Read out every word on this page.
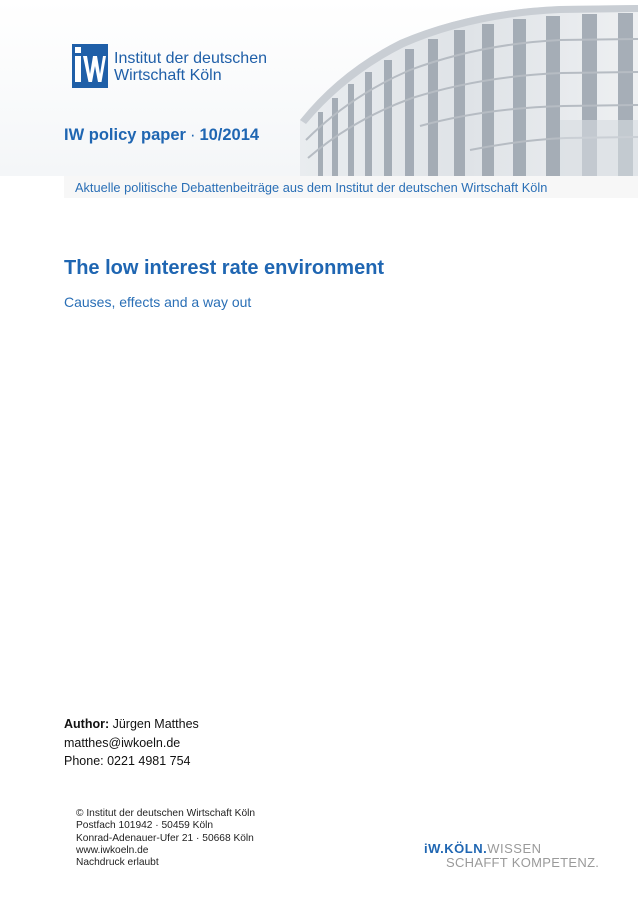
Institut der deutschen
Wirtschaft Köln
IW policy paper · 10/2014
Aktuelle politische Debattenbeiträge aus dem Institut der deutschen Wirtschaft Köln
The low interest rate environment
Causes, effects and a way out
Author: Jürgen Matthes
matthes@iwkoeln.de
Phone: 0221 4981 754
© Institut der deutschen Wirtschaft Köln
Postfach 101942 · 50459 Köln
Konrad-Adenauer-Ufer 21 · 50668 Köln
www.iwkoeln.de
Nachdruck erlaubt
iW.KÖLN.WISSEN
SCHAFFT KOMPETENZ.
